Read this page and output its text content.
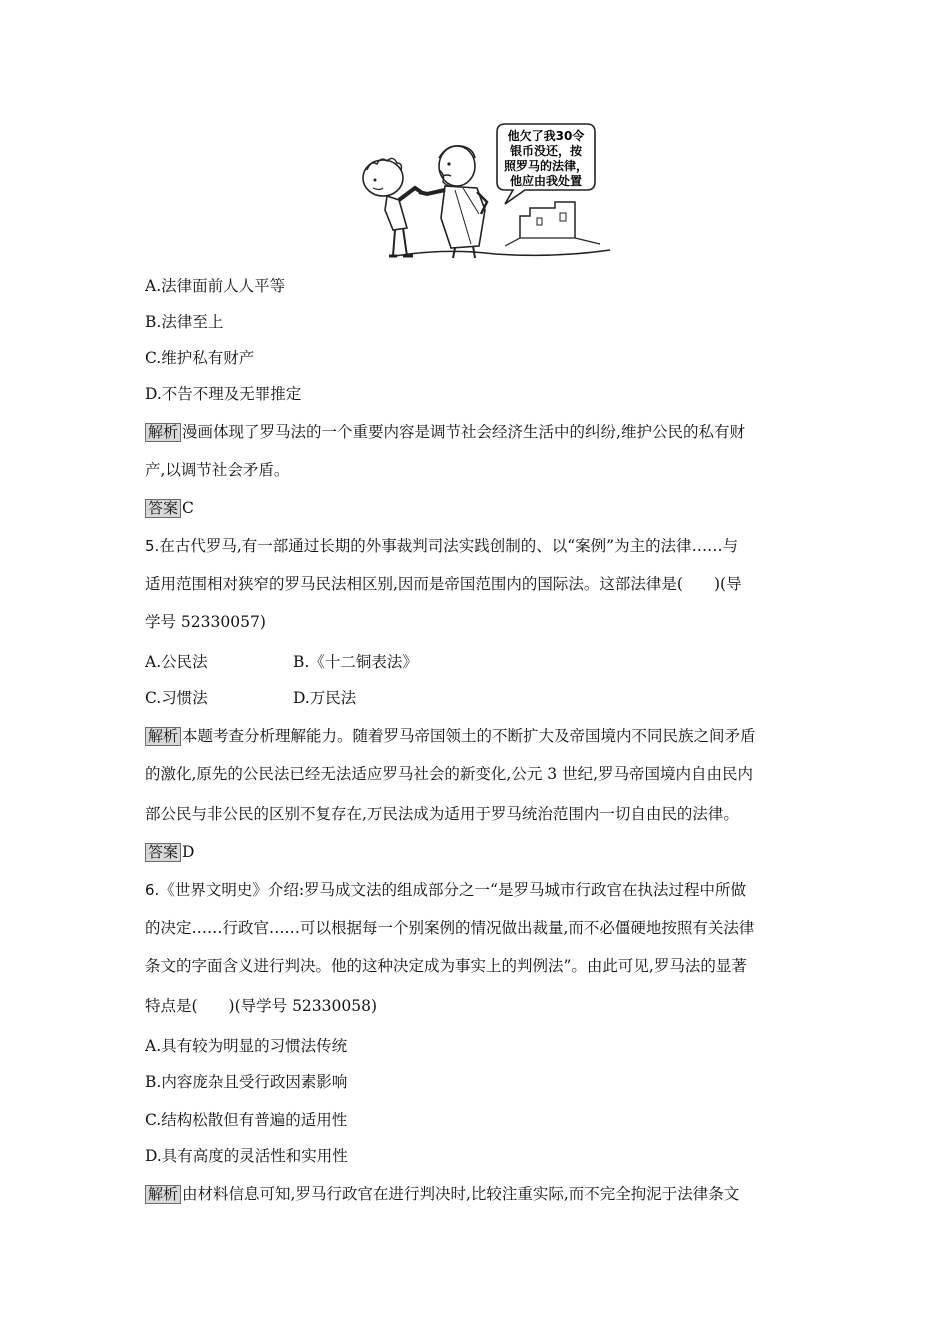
他欠了我30令
银币没还，按
照罗马的法律，
他应由我处置
A.法律面前人人平等
B.法律至上
C.维护私有财产
D.不告不理及无罪推定
解析 漫画体现了罗马法的一个重要内容是调节社会经济生活中的纠纷,维护公民的私有财
产,以调节社会矛盾。
答案 C
5.在古代罗马,有一部通过长期的外事裁判司法实践创制的、以“案例”为主的法律……与
适用范围相对狭窄的罗马民法相区别,因而是帝国范围内的国际法。这部法律是(　　)(导
学号 52330057)
A.公民法	B.《十二铜表法》
C.习惯法	D.万民法
解析 本题考查分析理解能力。随着罗马帝国领土的不断扩大及帝国境内不同民族之间矛盾
的激化,原先的公民法已经无法适应罗马社会的新变化,公元 3 世纪,罗马帝国境内自由民内
部公民与非公民的区别不复存在,万民法成为适用于罗马统治范围内一切自由民的法律。
答案 D
6.《世界文明史》介绍:罗马成文法的组成部分之一“是罗马城市行政官在执法过程中所做
的决定……行政官……可以根据每一个别案例的情况做出裁量,而不必僵硬地按照有关法律
条文的字面含义进行判决。他的这种决定成为事实上的判例法”。由此可见,罗马法的显著
特点是(　　)(导学号 52330058)
A.具有较为明显的习惯法传统
B.内容庞杂且受行政因素影响
C.结构松散但有普遍的适用性
D.具有高度的灵活性和实用性
解析 由材料信息可知,罗马行政官在进行判决时,比较注重实际,而不完全拘泥于法律条文
